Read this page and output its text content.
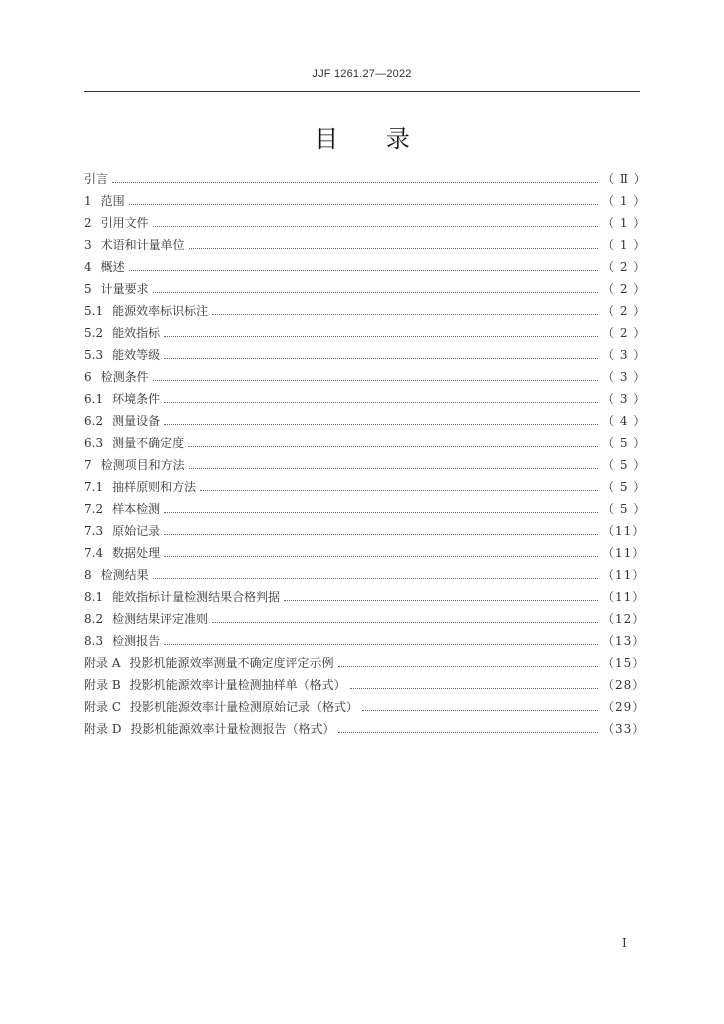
JJF 1261.27—2022
目 录
引言	（ Ⅱ ）
1 范围	（ 1 ）
2 引用文件	（ 1 ）
3 术语和计量单位	（ 1 ）
4 概述	（ 2 ）
5 计量要求	（ 2 ）
5.1 能源效率标识标注	（ 2 ）
5.2 能效指标	（ 2 ）
5.3 能效等级	（ 3 ）
6 检测条件	（ 3 ）
6.1 环境条件	（ 3 ）
6.2 测量设备	（ 4 ）
6.3 测量不确定度	（ 5 ）
7 检测项目和方法	（ 5 ）
7.1 抽样原则和方法	（ 5 ）
7.2 样本检测	（ 5 ）
7.3 原始记录	（11）
7.4 数据处理	（11）
8 检测结果	（11）
8.1 能效指标计量检测结果合格判据	（11）
8.2 检测结果评定准则	（12）
8.3 检测报告	（13）
附录 A 投影机能源效率测量不确定度评定示例	（15）
附录 B 投影机能源效率计量检测抽样单（格式）	（28）
附录 C 投影机能源效率计量检测原始记录（格式）	（29）
附录 D 投影机能源效率计量检测报告（格式）	（33）
Ⅰ
